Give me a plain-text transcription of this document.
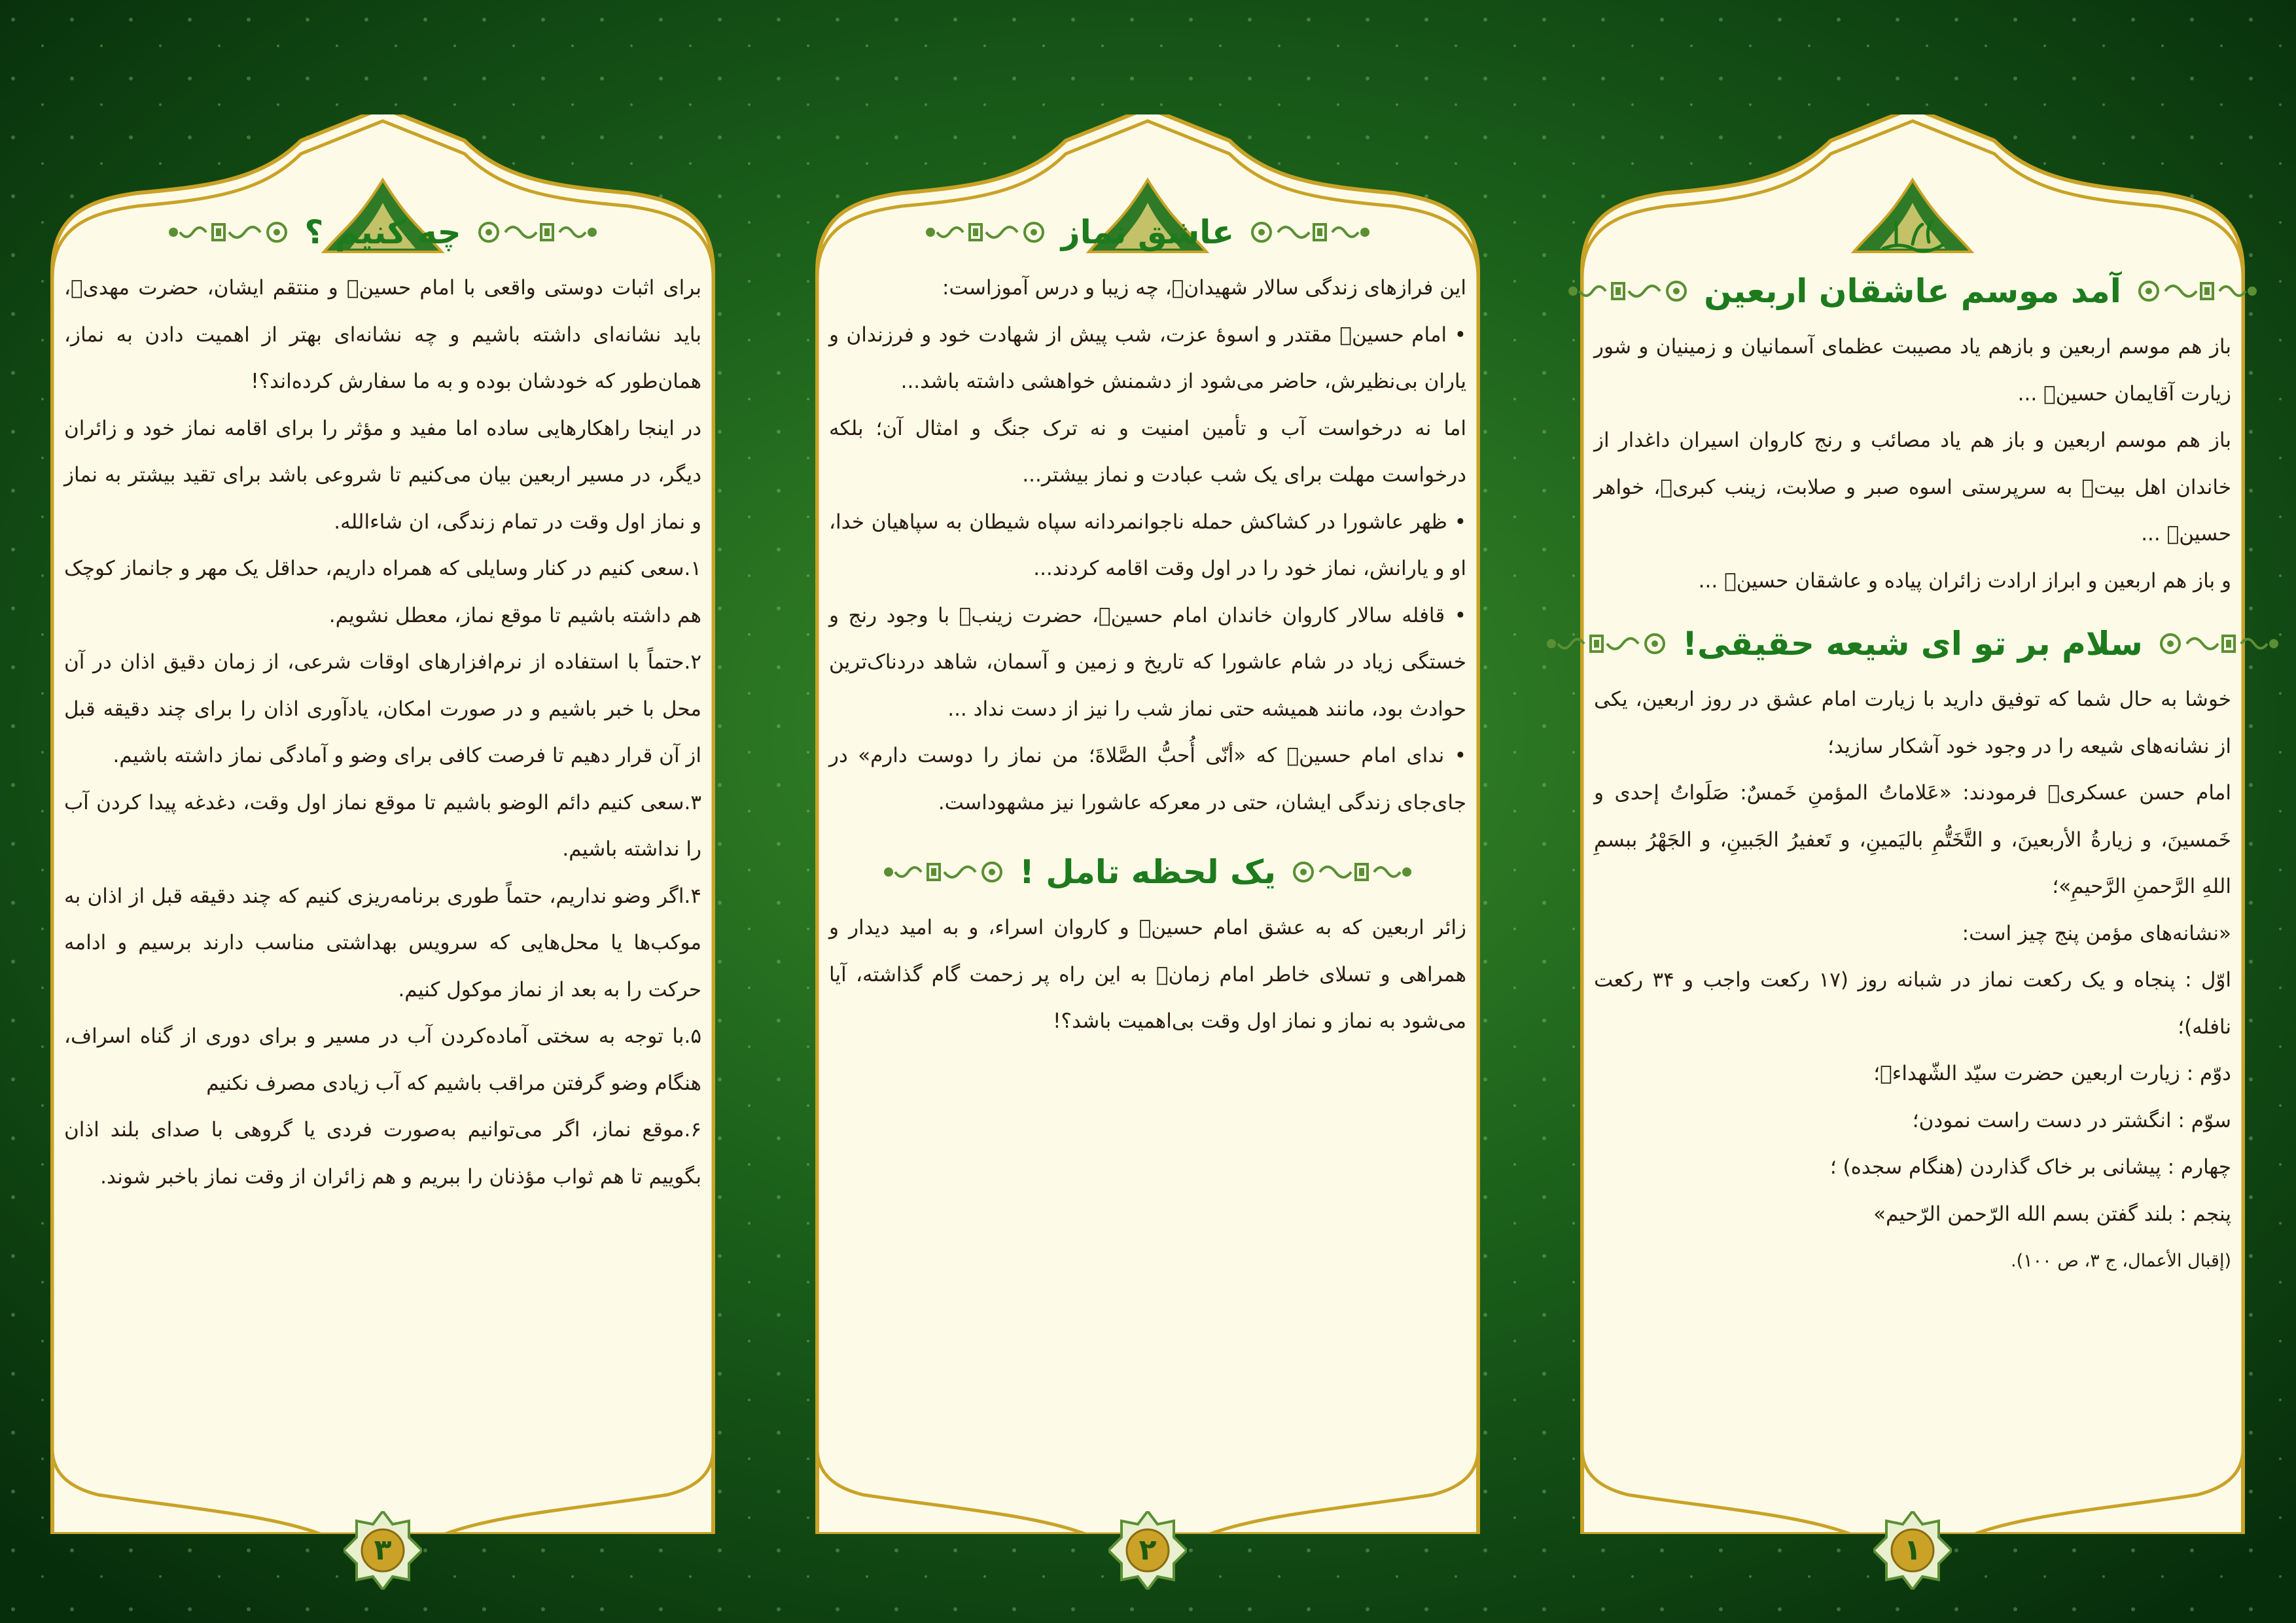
آمد موسم عاشقان اربعین

باز هم موسم اربعین و بازهم یاد مصیبت عظمای آسمانیان و زمینیان و شور زیارت آقایمان حسینؑ ...

باز هم موسم اربعین و باز هم یاد مصائب و رنج کاروان اسیران داغدار از خاندان اهل بیتؑ به سرپرستی اسوه صبر و صلابت، زینب کبریؑ، خواهر حسینؑ ...

و باز هم اربعین و ابراز ارادت زائران پیاده و عاشقان حسینؑ ...

سلام بر تو ای شیعه حقیقی!

خوشا به حال شما که توفیق دارید با زیارت امام عشق در روز اربعین، یکی از نشانه‌های شیعه را در وجود خود آشکار سازید؛

امام حسن عسکریؑ فرمودند: «عَلاماتُ المؤمنِ خَمسٌ: صَلَواتُ إحدی و خَمسینَ، و زیارةُ الأربعینَ، و التَّخَتُّمِ بالیَمینِ، و تَعفیرُ الجَبینِ، و الجَهْرُ ببسمِ اللهِ الرَّحمنِ الرَّحیمِ»؛

«نشانه‌های مؤمن پنج چیز است:

اوّل : پنجاه و یک رکعت نماز در شبانه روز (۱۷ رکعت واجب و ۳۴ رکعت نافله)؛

دوّم : زیارت اربعین حضرت سیّد الشّهداءؑ؛

سوّم : انگشتر در دست راست نمودن؛

چهارم : پیشانی بر خاک گذاردن (هنگام سجده) ؛

پنجم : بلند گفتن بسم الله الرّحمن الرّحیم»

(إقبال الأعمال، ج ۳، ص ۱۰۰).

١
عاشق نماز

این فرازهای زندگی سالار شهیدانؑ، چه زیبا و درس آموزاست:

• امام حسینؑ مقتدر و اسوهٔ عزت، شب پیش از شهادت خود و فرزندان و یاران بی‌نظیرش، حاضر می‌شود از دشمنش خواهشی داشته باشد...

اما نه درخواست آب و تأمین امنیت و نه ترک جنگ و امثال آن؛ بلکه درخواست مهلت برای یک شب عبادت و نماز بیشتر...

• ظهر عاشورا در کشاکش حمله ناجوانمردانه سپاه شیطان به سپاهیان خدا، او و یارانش، نماز خود را در اول وقت اقامه کردند...

• قافله سالار کاروان خاندان امام حسینؑ، حضرت زینبؑ با وجود رنج و خستگی زیاد در شام عاشورا که تاریخ و زمین و آسمان، شاهد دردناک‌ترین حوادث بود، مانند همیشه حتی نماز شب را نیز از دست نداد ...

• ندای امام حسینؑ که «أنّی أُحبُّ الصَّلاةَ؛ من نماز را دوست دارم» در جای‌جای زندگی ایشان، حتی در معرکه عاشورا نیز مشهوداست.

یک لحظه تامل !

زائر اربعین که به عشق امام حسینؑ و کاروان اسراء، و به امید دیدار و همراهی و تسلای خاطر امام زمانؑ به این راه پر زحمت گام گذاشته، آیا می‌شود به نماز و نماز اول وقت بی‌اهمیت باشد؟!

٢
چه کنیم ؟

برای اثبات دوستی واقعی با امام حسینؑ و منتقم ایشان، حضرت مهدیؑ، باید نشانه‌ای داشته باشیم و چه نشانه‌ای بهتر از اهمیت دادن به نماز، همان‌طور که خودشان بوده و به ما سفارش کرده‌اند؟!

در اینجا راهکارهایی ساده اما مفید و مؤثر را برای اقامه نماز خود و زائران دیگر، در مسیر اربعین بیان می‌کنیم تا شروعی باشد برای تقید بیشتر به نماز و نماز اول وقت در تمام زندگی، ان شاءالله.

۱.سعی کنیم در کنار وسایلی که همراه داریم، حداقل یک مهر و جانماز کوچک هم داشته باشیم تا موقع نماز، معطل نشویم.

۲.حتماً با استفاده از نرم‌افزارهای اوقات شرعی، از زمان دقیق اذان در آن محل با خبر باشیم و در صورت امکان، یادآوری اذان را برای چند دقیقه قبل از آن قرار دهیم تا فرصت کافی برای وضو و آمادگی نماز داشته باشیم.

۳.سعی کنیم دائم الوضو باشیم تا موقع نماز اول وقت، دغدغه پیدا کردن آب را نداشته باشیم.

۴.اگر وضو نداریم، حتماً طوری برنامه‌ریزی کنیم که چند دقیقه قبل از اذان به موکب‌ها یا محل‌هایی که سرویس بهداشتی مناسب دارند برسیم و ادامه حرکت را به بعد از نماز موکول کنیم.

۵.با توجه به سختی آماده‌کردن آب در مسیر و برای دوری از گناه اسراف، هنگام وضو گرفتن مراقب باشیم که آب زیادی مصرف نکنیم

۶.موقع نماز، اگر می‌توانیم به‌صورت فردی یا گروهی با صدای بلند اذان بگوییم تا هم ثواب مؤذنان را ببریم و هم زائران از وقت نماز باخبر شوند.

٣
